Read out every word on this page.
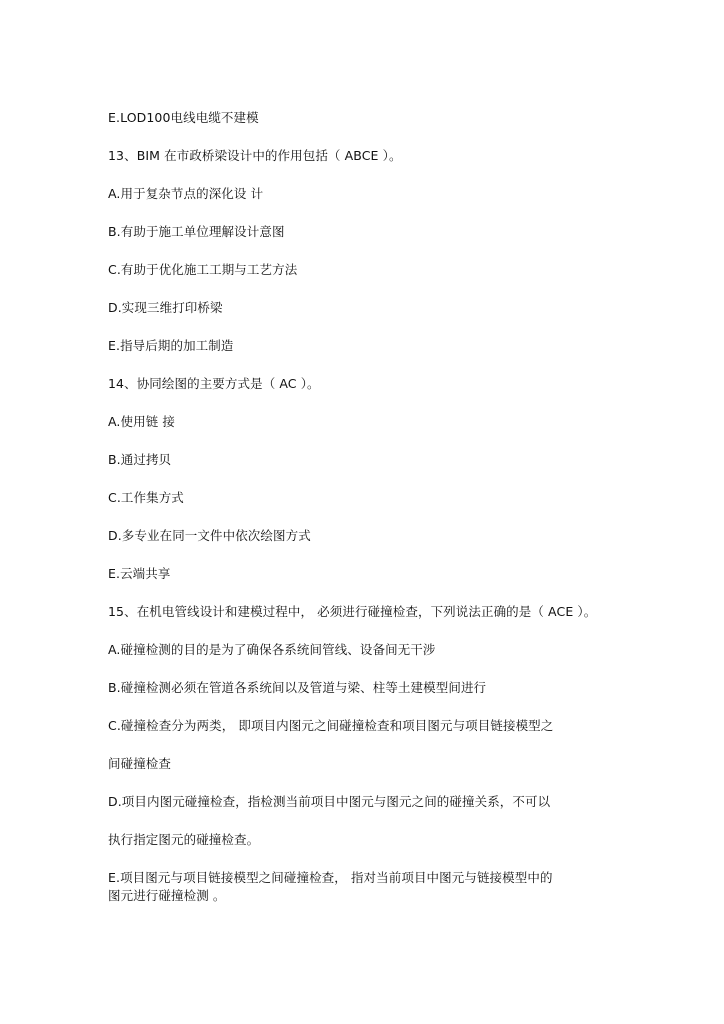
E.LOD100电线电缆不建模
13、BIM 在市政桥梁设计中的作用包括（ ABCE ）。
A.用于复杂节点的深化设 计
B.有助于施工单位理解设计意图
C.有助于优化施工工期与工艺方法
D.实现三维打印桥梁
E.指导后期的加工制造
14、协同绘图的主要方式是（ AC ）。
A.使用链 接
B.通过拷贝
C.工作集方式
D.多专业在同一文件中依次绘图方式
E.云端共享
15、在机电管线设计和建模过程中， 必须进行碰撞检查，下列说法正确的是（ ACE ）。
A.碰撞检测的目的是为了确保各系统间管线、设备间无干涉
B.碰撞检测必须在管道各系统间以及管道与梁、柱等土建模型间进行
C.碰撞检查分为两类， 即项目内图元之间碰撞检查和项目图元与项目链接模型之
间碰撞检查
D.项目内图元碰撞检查，指检测当前项目中图元与图元之间的碰撞关系，不可以
执行指定图元的碰撞检查。
E.项目图元与项目链接模型之间碰撞检查， 指对当前项目中图元与链接模型中的
图元进行碰撞检测 。
